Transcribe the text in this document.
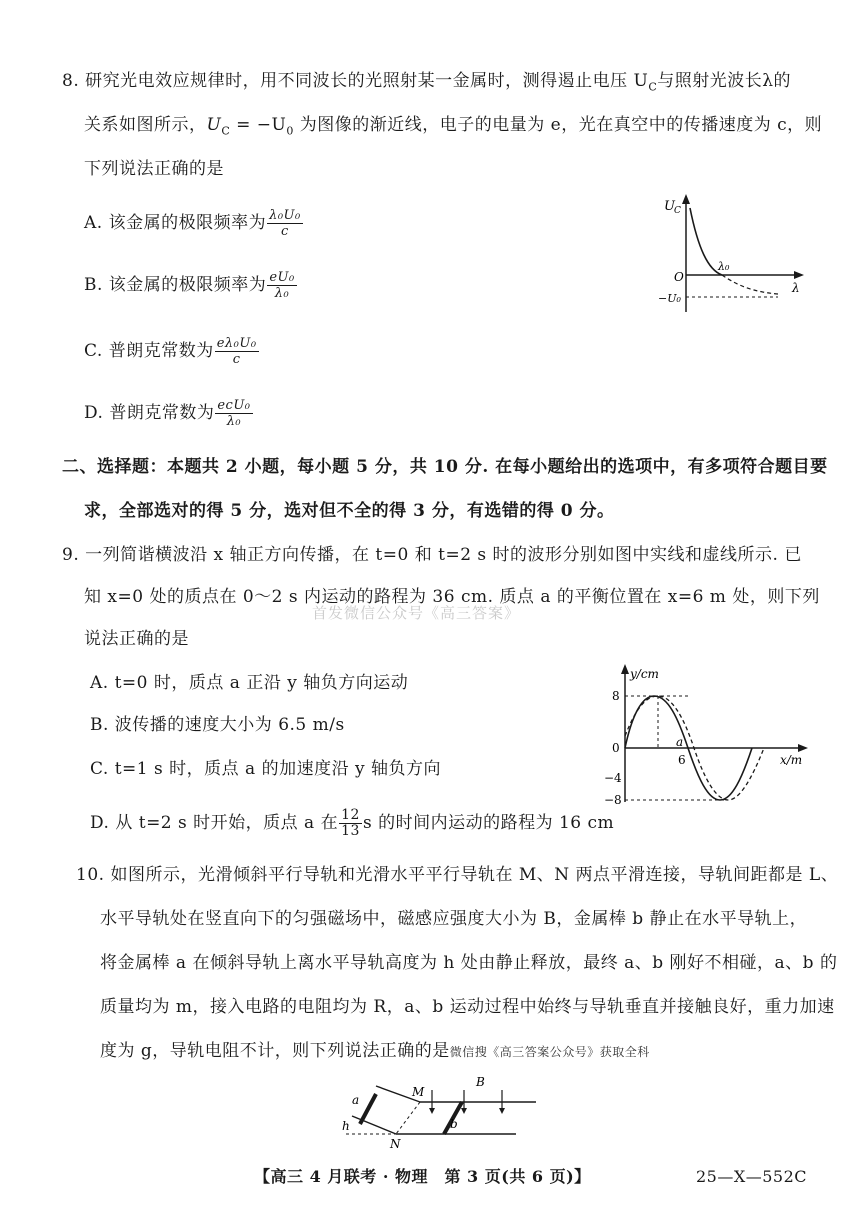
8. 研究光电效应规律时，用不同波长的光照射某一金属时，测得遏止电压 $U_C$与照射光波长λ的
关系如图所示，$U_C = -U_0$ 为图像的渐近线，电子的电量为 e，光在真空中的传播速度为 c，则
下列说法正确的是
A. 该金属的极限频率为 $\frac{\text{λ₀U₀}}{c}$
B. 该金属的极限频率为 $\frac{\text{eU₀}}{\text{λ₀}}$
C. 普朗克常数为 $\frac{\text{eλ₀U₀}}{c}$
D. 普朗克常数为 $\frac{\text{ecU₀}}{\text{λ₀}}$
U C
O
λ₀
−U₀
λ
二、选择题：本题共 2 小题，每小题 5 分，共 10 分. 在每小题给出的选项中，有多项符合题目要
求，全部选对的得 5 分，选对但不全的得 3 分，有选错的得 0 分。
9. 一列简谐横波沿 x 轴正方向传播，在 t=0 和 t=2 s 时的波形分别如图中实线和虚线所示. 已
知 x=0 处的质点在 0～2 s 内运动的路程为 36 cm. 质点 a 的平衡位置在 x=6 m 处，则下列
首发微信公众号《高三答案》
说法正确的是
A. t=0 时，质点 a 正沿 y 轴负方向运动
B. 波传播的速度大小为 6.5 m/s
C. t=1 s 时，质点 a 的加速度沿 y 轴负方向
D. 从 t=2 s 时开始，质点 a 在 $\frac{12}{13}$ s 的时间内运动的路程为 16 cm
y/cm
8
0
−4
−8
6
a
x/m
10. 如图所示，光滑倾斜平行导轨和光滑水平平行导轨在 M、N 两点平滑连接，导轨间距都是 L、
水平导轨处在竖直向下的匀强磁场中，磁感应强度大小为 B，金属棒 b 静止在水平导轨上，
将金属棒 a 在倾斜导轨上离水平导轨高度为 h 处由静止释放，最终 a、b 刚好不相碰，a、b 的
质量均为 m，接入电路的电阻均为 R，a、b 运动过程中始终与导轨垂直并接触良好，重力加速
度为 g，导轨电阻不计，则下列说法正确的是微信搜《高三答案公众号》获取全科
a
M
B
b
h
N
【高三 4 月联考 · 物理　第 3 页(共 6 页)】	25—X—552C
